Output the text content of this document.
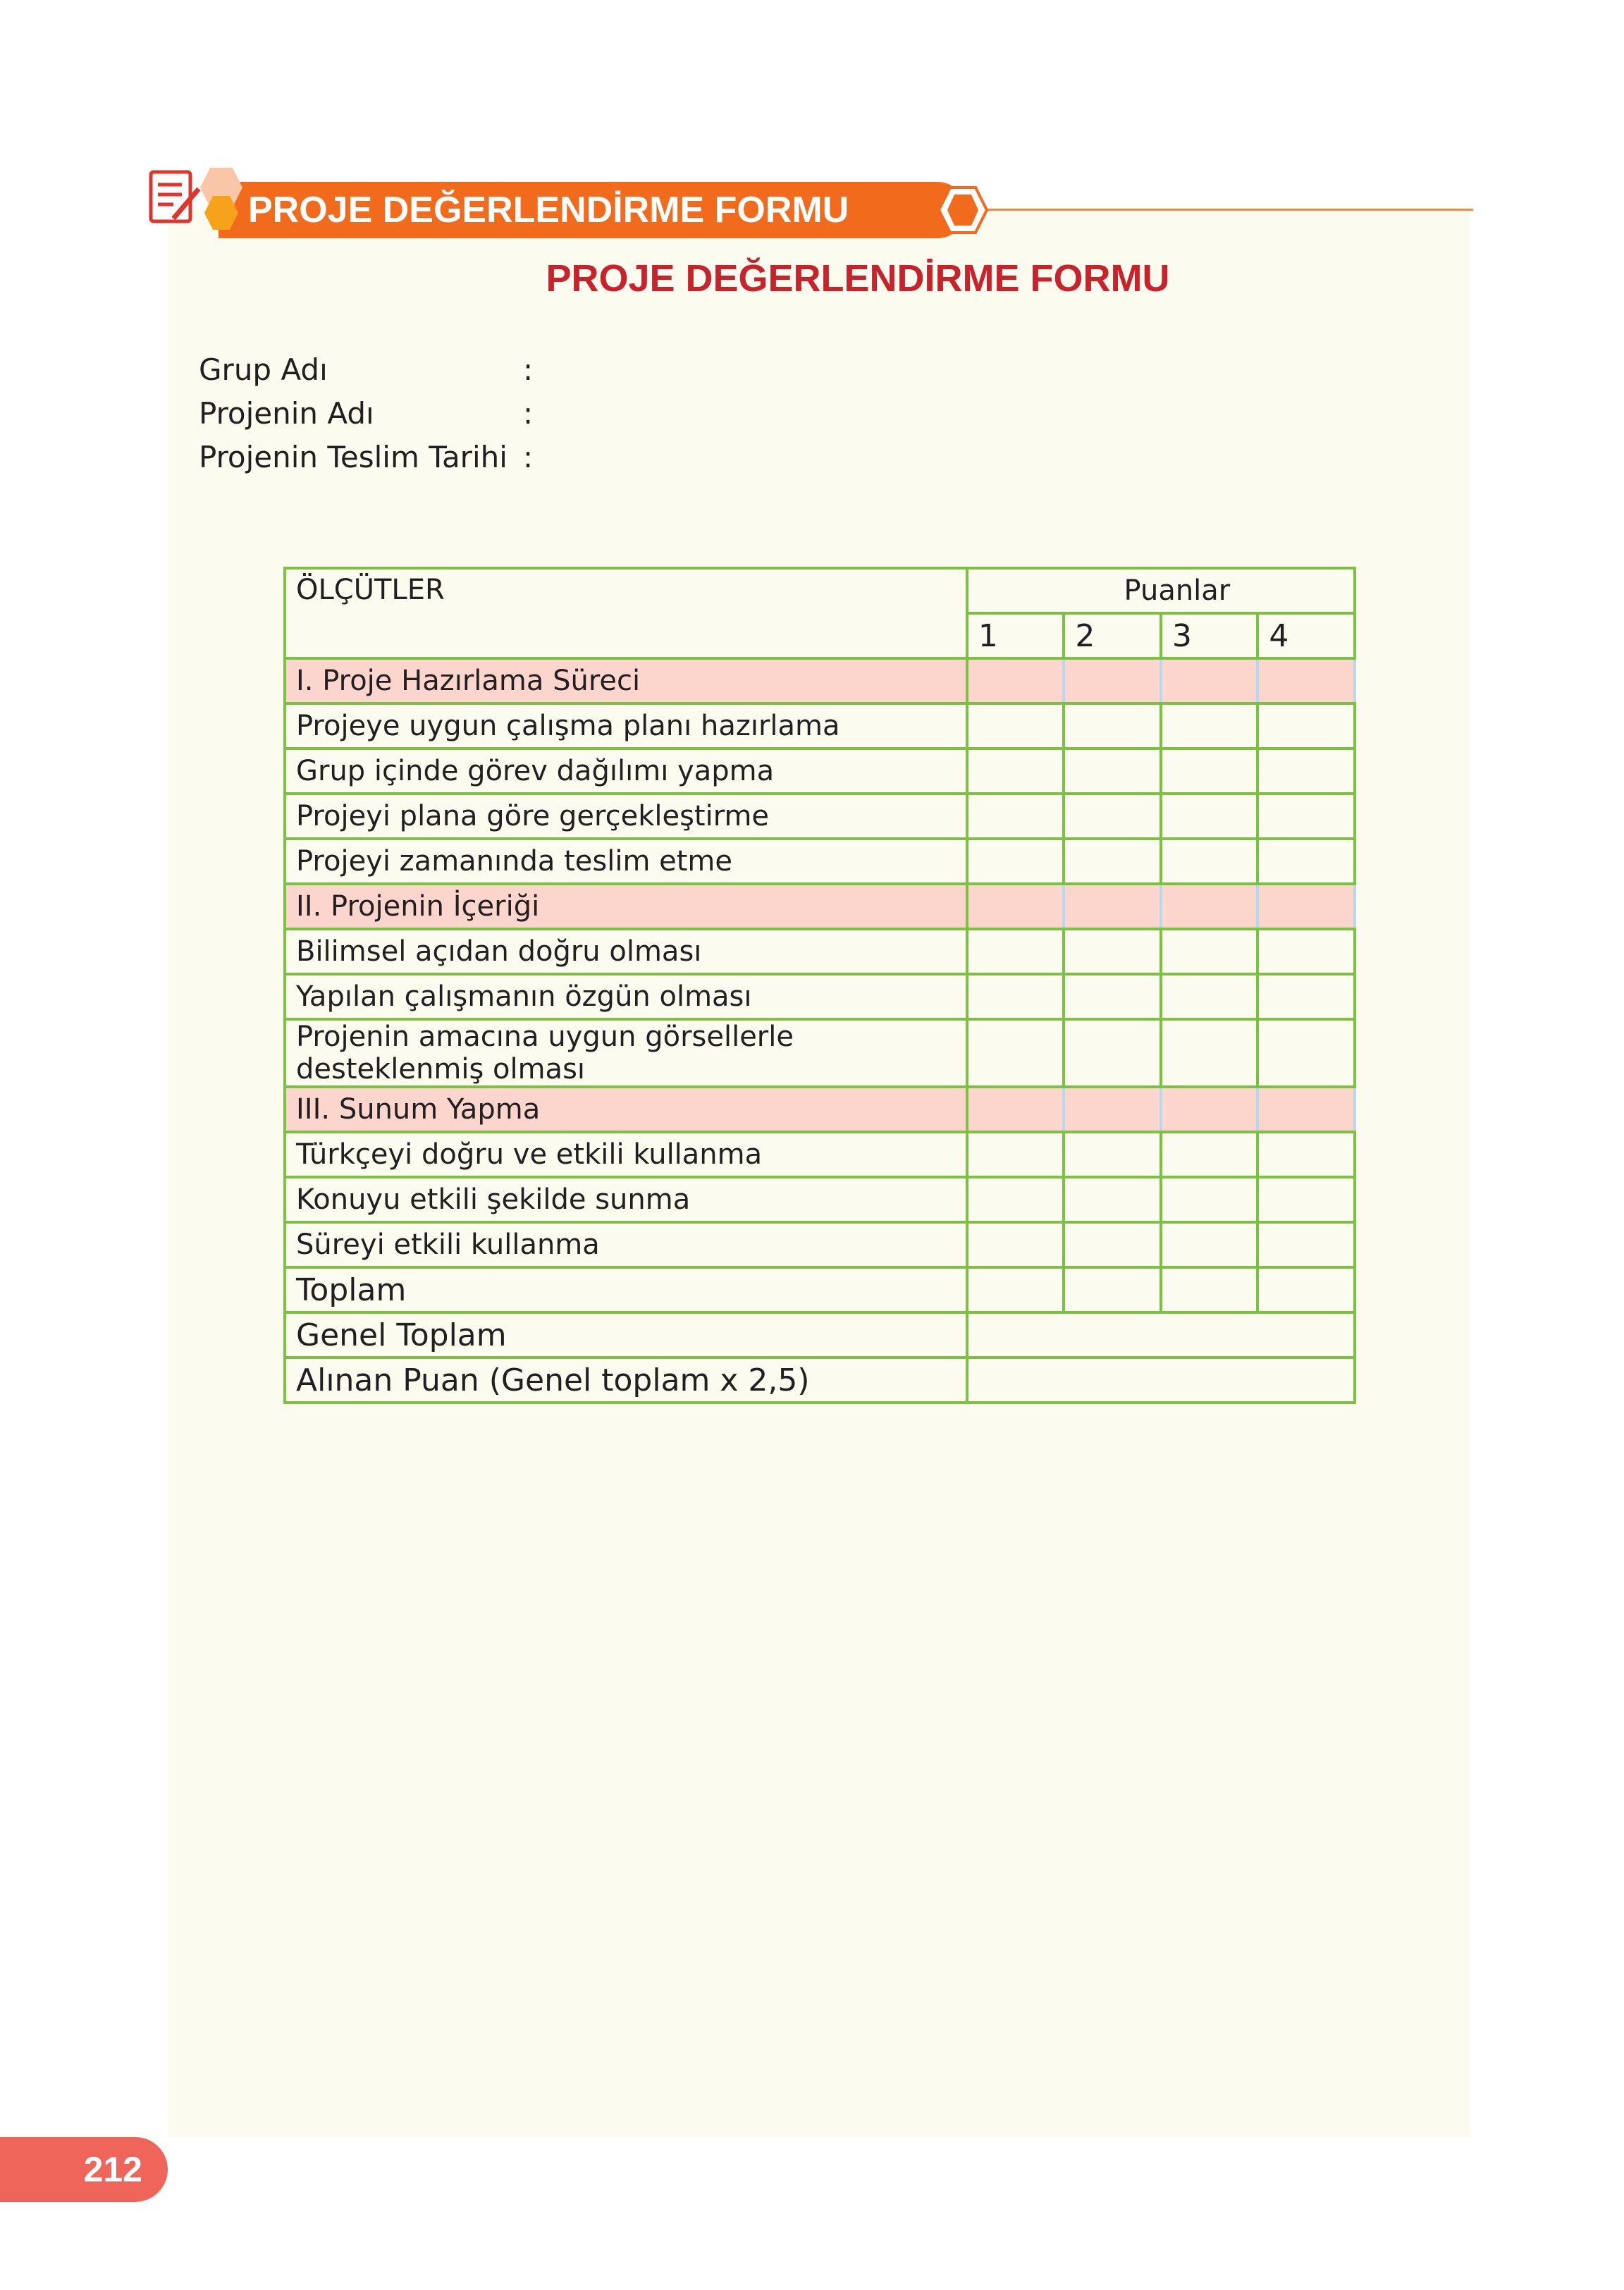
PROJE DEĞERLENDİRME FORMU
PROJE DEĞERLENDİRME FORMU
Grup Adı	:
Projenin Adı	:
Projenin Teslim Tarihi :
ÖLÇÜTLER	Puanlar			
	1	2	3	4
I. Proje Hazırlama Süreci				
Projeye uygun çalışma planı hazırlama				
Grup içinde görev dağılımı yapma				
Projeyi plana göre gerçekleştirme				
Projeyi zamanında teslim etme				
II. Projenin İçeriği				
Bilimsel açıdan doğru olması				
Yapılan çalışmanın özgün olması				
Projenin amacına uygun görsellerle desteklenmiş olması				
III. Sunum Yapma				
Türkçeyi doğru ve etkili kullanma				
Konuyu etkili şekilde sunma				
Süreyi etkili kullanma				
Toplam				
Genel Toplam				
Alınan Puan (Genel toplam x 2,5)				
212
